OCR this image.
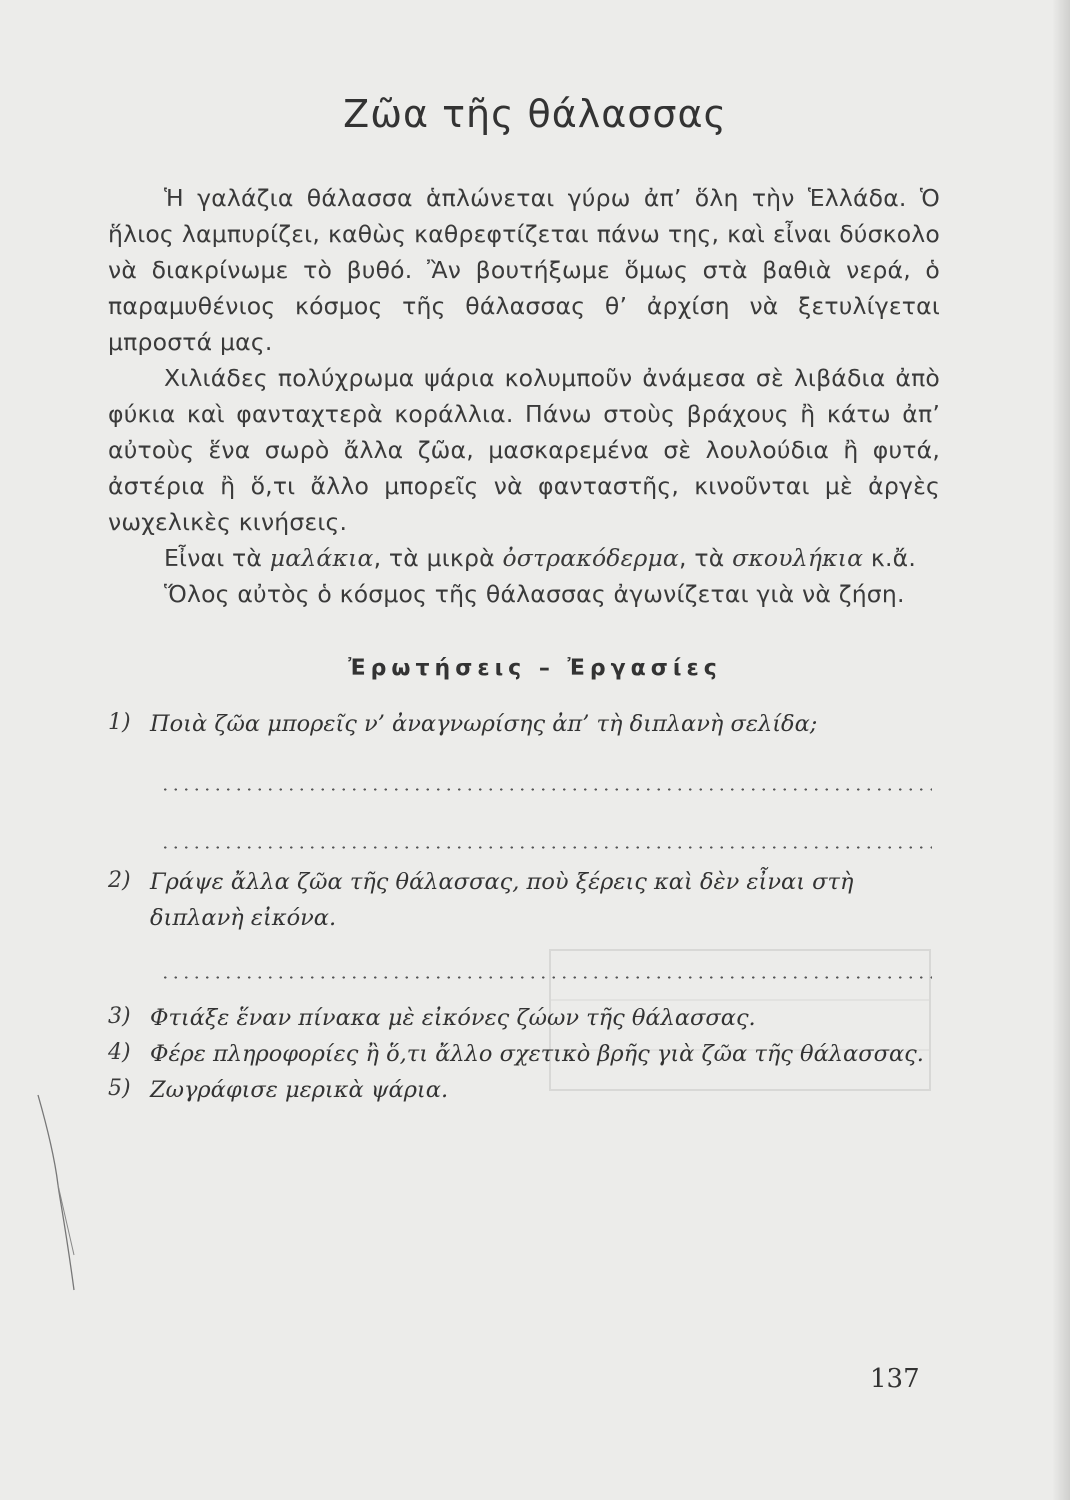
Ζῶα τῆς θάλασσας

Ἡ γαλάζια θάλασσα ἁπλώνεται γύρω ἀπ’ ὅλη τὴν Ἑλλάδα. Ὁ ἥλιος λαμπυρίζει, καθὼς καθρεφτίζεται πάνω της, καὶ εἶναι δύσκολο νὰ διακρίνωμε τὸ βυθό. Ἂν βουτήξωμε ὅμως στὰ βαθιὰ νερά, ὁ παραμυθένιος κόσμος τῆς θάλασσας θ’ ἀρχίση νὰ ξετυλίγεται μπροστά μας.

Χιλιάδες πολύχρωμα ψάρια κολυμποῦν ἀνάμεσα σὲ λιβάδια ἀπὸ φύκια καὶ φανταχτερὰ κοράλλια. Πάνω στοὺς βράχους ἢ κάτω ἀπ’ αὐτοὺς ἕνα σωρὸ ἄλλα ζῶα, μασκαρεμένα σὲ λουλούδια ἢ φυτά, ἀστέρια ἢ ὅ,τι ἄλλο μπορεῖς νὰ φανταστῆς, κινοῦνται μὲ ἀργὲς νωχελικὲς κινήσεις.

Εἶναι τὰ μαλάκια, τὰ μικρὰ ὀστρακόδερμα, τὰ σκουλήκια κ.ἄ.

Ὅλος αὐτὸς ὁ κόσμος τῆς θάλασσας ἀγωνίζεται γιὰ νὰ ζήση.

Ἐρωτήσεις – Ἐργασίες
1) Ποιὰ ζῶα μπορεῖς ν’ ἀναγνωρίσης ἀπ’ τὴ διπλανὴ σελίδα;
2) Γράψε ἄλλα ζῶα τῆς θάλασσας, ποὺ ξέρεις καὶ δὲν εἶναι στὴ διπλανὴ εἰκόνα.
3) Φτιάξε ἕναν πίνακα μὲ εἰκόνες ζώων τῆς θάλασσας.
4) Φέρε πληροφορίες ἢ ὅ,τι ἄλλο σχετικὸ βρῆς γιὰ ζῶα τῆς θάλασσας.
5) Ζωγράφισε μερικὰ ψάρια.
137
